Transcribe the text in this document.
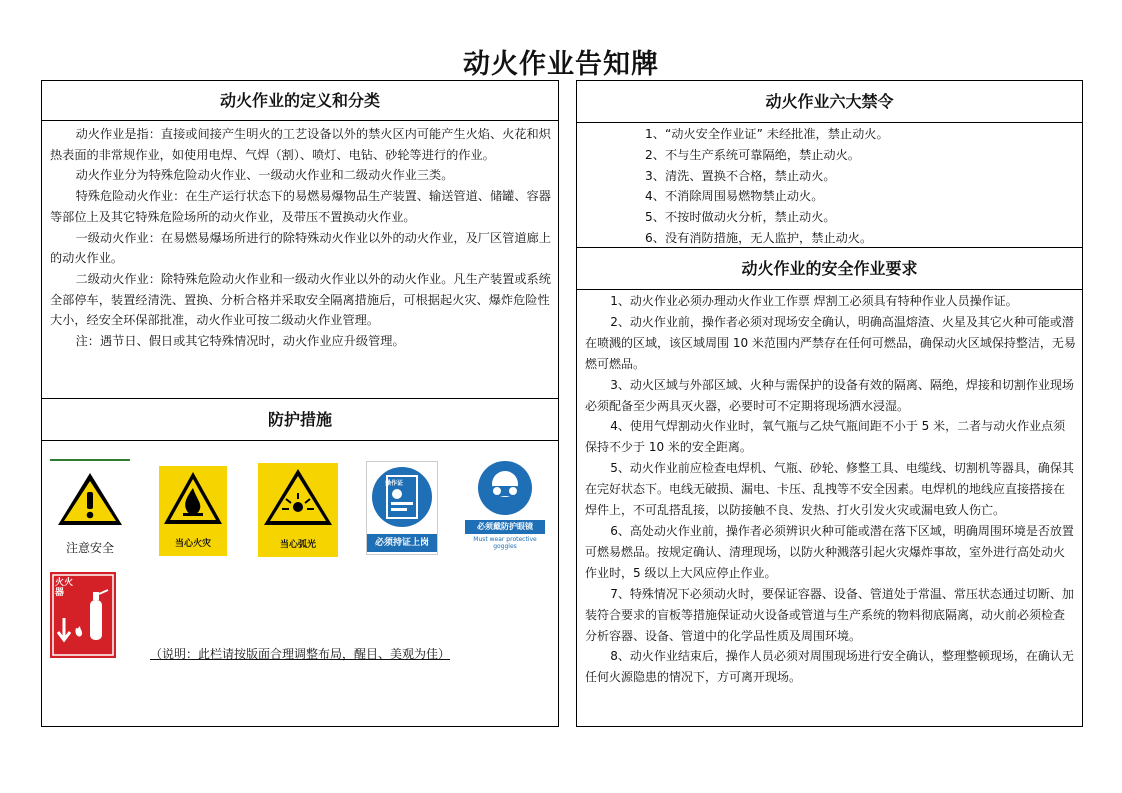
动火作业告知牌
动火作业的定义和分类

动火作业是指：直接或间接产生明火的工艺设备以外的禁火区内可能产生火焰、火花和炽热表面的非常规作业，如使用电焊、气焊（割）、喷灯、电钻、砂轮等进行的作业。

动火作业分为特殊危险动火作业、一级动火作业和二级动火作业三类。

特殊危险动火作业：在生产运行状态下的易燃易爆物品生产装置、输送管道、储罐、容器等部位上及其它特殊危险场所的动火作业，及带压不置换动火作业。

一级动火作业：在易燃易爆场所进行的除特殊动火作业以外的动火作业，及厂区管道廊上的动火作业。

二级动火作业：除特殊危险动火作业和一级动火作业以外的动火作业。凡生产装置或系统全部停车，装置经清洗、置换、分析合格并采取安全隔离措施后，可根据起火灾、爆炸危险性大小，经安全环保部批准，动火作业可按二级动火作业管理。

注：遇节日、假日或其它特殊情况时，动火作业应升级管理。

防护措施
注意安全	当心火灾	当心弧光
操作证
必须持证上岗
必须戴防护眼镜
Must wear protective goggles
火火器
（说明：此栏请按版面合理调整布局，醒目、美观为佳）
动火作业六大禁令
1、“动火安全作业证” 未经批准，禁止动火。
2、不与生产系统可靠隔绝，禁止动火。
3、清洗、置换不合格，禁止动火。
4、不消除周围易燃物禁止动火。
5、不按时做动火分析，禁止动火。
6、没有消防措施，无人监护，禁止动火。
动火作业的安全作业要求

1、动火作业必须办理动火作业工作票 焊割工必须具有特种作业人员操作证。

2、动火作业前，操作者必须对现场安全确认，明确高温熔渣、火星及其它火种可能或潜在喷溅的区域，该区域周围 10 米范围内严禁存在任何可燃品，确保动火区域保持整洁，无易燃可燃品。

3、动火区域与外部区域、火种与需保护的设备有效的隔离、隔绝，焊接和切割作业现场必须配备至少两具灭火器，必要时可不定期将现场洒水浸湿。

4、使用气焊割动火作业时，氧气瓶与乙炔气瓶间距不小于 5 米，二者与动火作业点须保持不少于 10 米的安全距离。

5、动火作业前应检查电焊机、气瓶、砂轮、修整工具、电缆线、切割机等器具，确保其在完好状态下。电线无破损、漏电、卡压、乱拽等不安全因素。电焊机的地线应直接搭接在焊件上，不可乱搭乱接，以防接触不良、发热、打火引发火灾或漏电致人伤亡。

6、高处动火作业前，操作者必须辨识火种可能或潜在落下区域，明确周围环境是否放置可燃易燃品。按规定确认、清理现场，以防火种溅落引起火灾爆炸事故，室外进行高处动火作业时，5 级以上大风应停止作业。

7、特殊情况下必须动火时，要保证容器、设备、管道处于常温、常压状态通过切断、加装符合要求的盲板等措施保证动火设备或管道与生产系统的物料彻底隔离，动火前必须检查分析容器、设备、管道中的化学品性质及周围环境。

8、动火作业结束后，操作人员必须对周围现场进行安全确认，整理整顿现场，在确认无任何火源隐患的情况下，方可离开现场。
